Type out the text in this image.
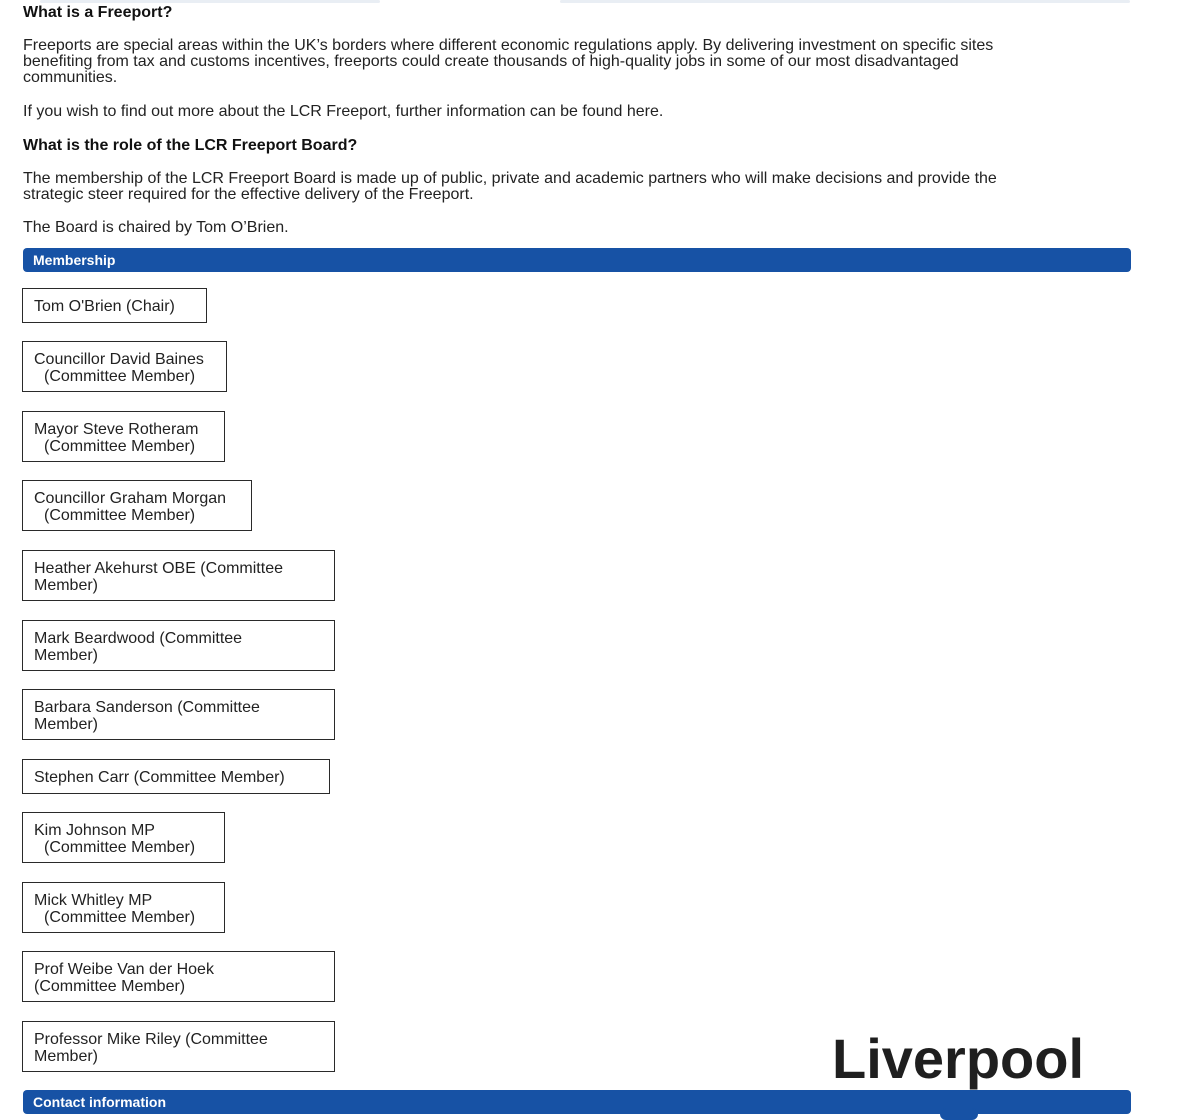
What is a Freeport?
Freeports are special areas within the UK’s borders where different economic regulations apply. By delivering investment on specific sites
benefiting from tax and customs incentives, freeports could create thousands of high-quality jobs in some of our most disadvantaged
communities.

If you wish to find out more about the LCR Freeport, further information can be found here.

What is the role of the LCR Freeport Board?
The membership of the LCR Freeport Board is made up of public, private and academic partners who will make decisions and provide the
strategic steer required for the effective delivery of the Freeport.

The Board is chaired by Tom O’Brien.

Membership
Tom O'Brien (Chair)
Councillor David Baines
(Committee Member)
Mayor Steve Rotheram
(Committee Member)
Councillor Graham Morgan
(Committee Member)
Heather Akehurst OBE (Committee
Member)
Mark Beardwood (Committee
Member)
Barbara Sanderson (Committee
Member)
Stephen Carr (Committee Member)
Kim Johnson MP
(Committee Member)
Mick Whitley MP
(Committee Member)
Prof Weibe Van der Hoek
(Committee Member)
Professor Mike Riley (Committee
Member)	Liverpool
Contact information
